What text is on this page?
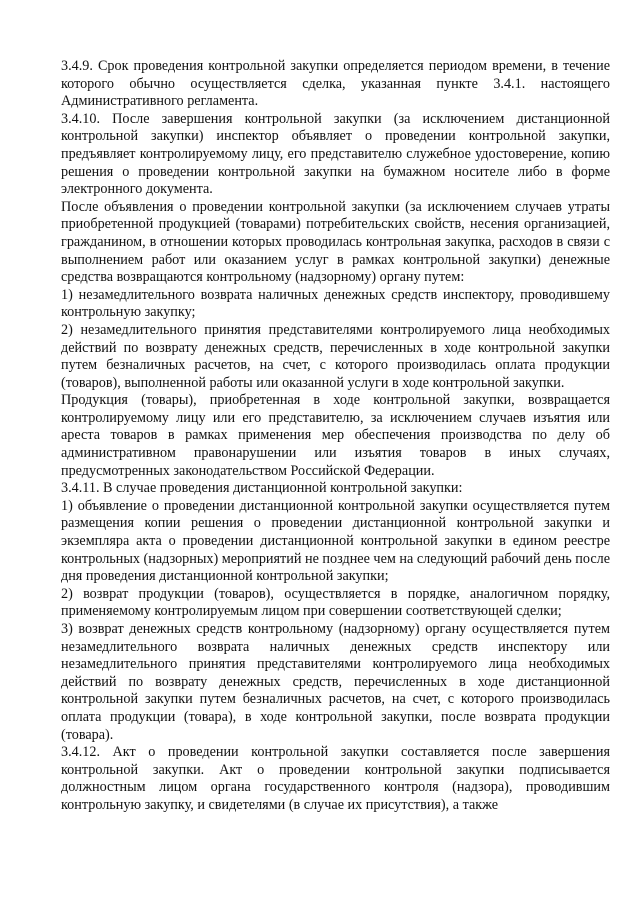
3.4.9. Срок проведения контрольной закупки определяется периодом времени, в течение которого обычно осуществляется сделка, указанная пункте 3.4.1. настоящего Административного регламента.

3.4.10. После завершения контрольной закупки (за исключением дистанционной контрольной закупки) инспектор объявляет о проведении контрольной закупки, предъявляет контролируемому лицу, его представителю служебное удостоверение, копию решения о проведении контрольной закупки на бумажном носителе либо в форме электронного документа.

После объявления о проведении контрольной закупки (за исключением случаев утраты приобретенной продукцией (товарами) потребительских свойств, несения организацией, гражданином, в отношении которых проводилась контрольная закупка, расходов в связи с выполнением работ или оказанием услуг в рамках контрольной закупки) денежные средства возвращаются контрольному (надзорному) органу путем:

1) незамедлительного возврата наличных денежных средств инспектору, проводившему контрольную закупку;

2) незамедлительного принятия представителями контролируемого лица необходимых действий по возврату денежных средств, перечисленных в ходе контрольной закупки путем безналичных расчетов, на счет, с которого производилась оплата продукции (товаров), выполненной работы или оказанной услуги в ходе контрольной закупки.

Продукция (товары), приобретенная в ходе контрольной закупки, возвращается контролируемому лицу или его представителю, за исключением случаев изъятия или ареста товаров в рамках применения мер обеспечения производства по делу об административном правонарушении или изъятия товаров в иных случаях, предусмотренных законодательством Российской Федерации.

3.4.11. В случае проведения дистанционной контрольной закупки:

1) объявление о проведении дистанционной контрольной закупки осуществляется путем размещения копии решения о проведении дистанционной контрольной закупки и экземпляра акта о проведении дистанционной контрольной закупки в едином реестре контрольных (надзорных) мероприятий не позднее чем на следующий рабочий день после дня проведения дистанционной контрольной закупки;

2) возврат продукции (товаров), осуществляется в порядке, аналогичном порядку, применяемому контролируемым лицом при совершении соответствующей сделки;

3) возврат денежных средств контрольному (надзорному) органу осуществляется путем незамедлительного возврата наличных денежных средств инспектору или незамедлительного принятия представителями контролируемого лица необходимых действий по возврату денежных средств, перечисленных в ходе дистанционной контрольной закупки путем безналичных расчетов, на счет, с которого производилась оплата продукции (товара), в ходе контрольной закупки, после возврата продукции (товара).

3.4.12. Акт о проведении контрольной закупки составляется после завершения контрольной закупки. Акт о проведении контрольной закупки подписывается должностным лицом органа государственного контроля (надзора), проводившим контрольную закупку, и свидетелями (в случае их присутствия), а также
